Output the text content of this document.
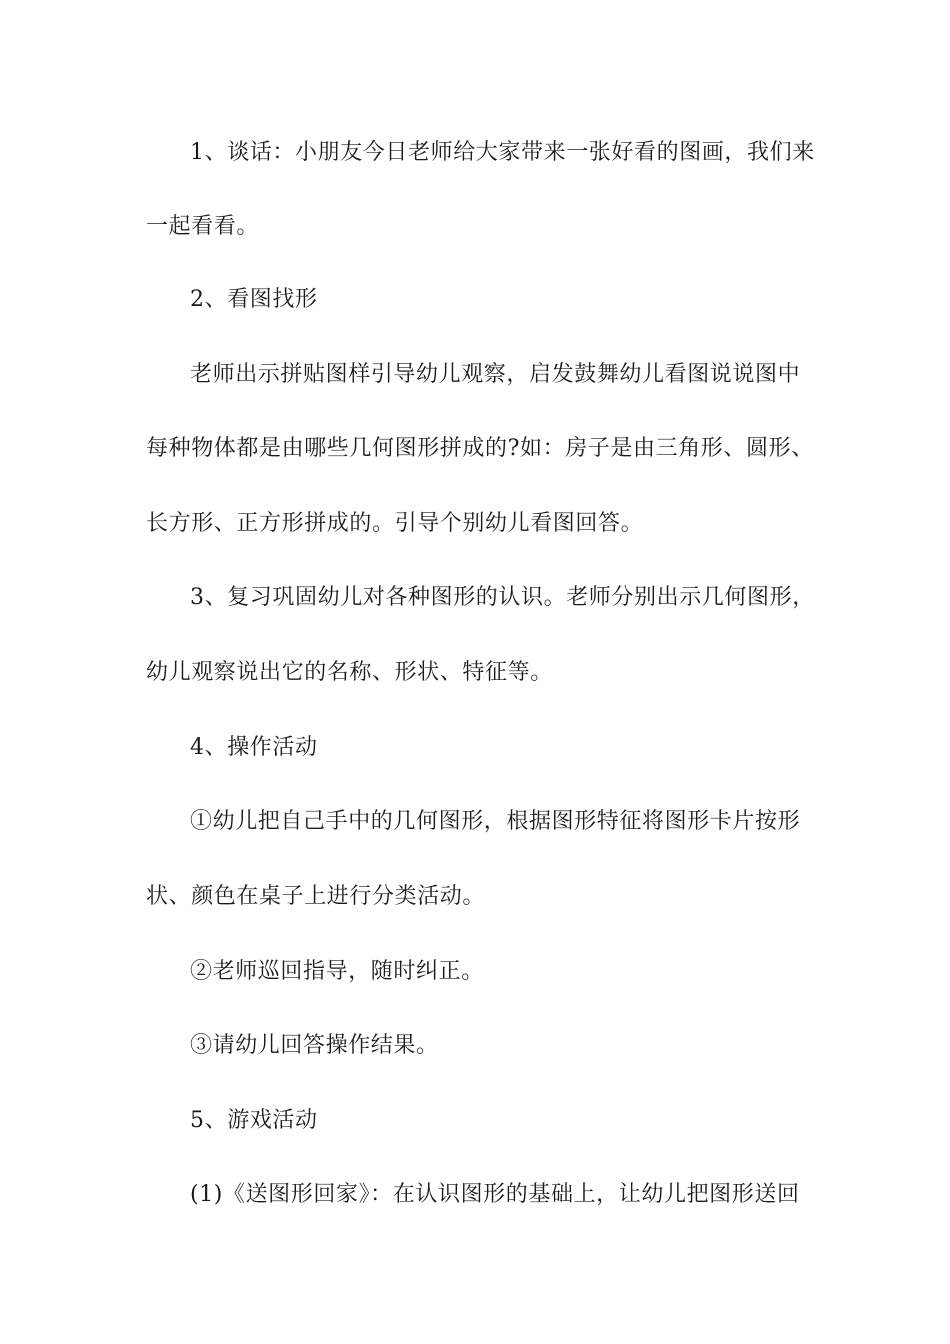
1、谈话：小朋友今日老师给大家带来一张好看的图画，我们来
一起看看。
2、看图找形
老师出示拼贴图样引导幼儿观察，启发鼓舞幼儿看图说说图中
每种物体都是由哪些几何图形拼成的?如：房子是由三角形、圆形、
长方形、正方形拼成的。引导个别幼儿看图回答。
3、复习巩固幼儿对各种图形的认识。老师分别出示几何图形，
幼儿观察说出它的名称、形状、特征等。
4、操作活动
①幼儿把自己手中的几何图形，根据图形特征将图形卡片按形
状、颜色在桌子上进行分类活动。
②老师巡回指导，随时纠正。
③请幼儿回答操作结果。
5、游戏活动
(1)《送图形回家》：在认识图形的基础上，让幼儿把图形送回
